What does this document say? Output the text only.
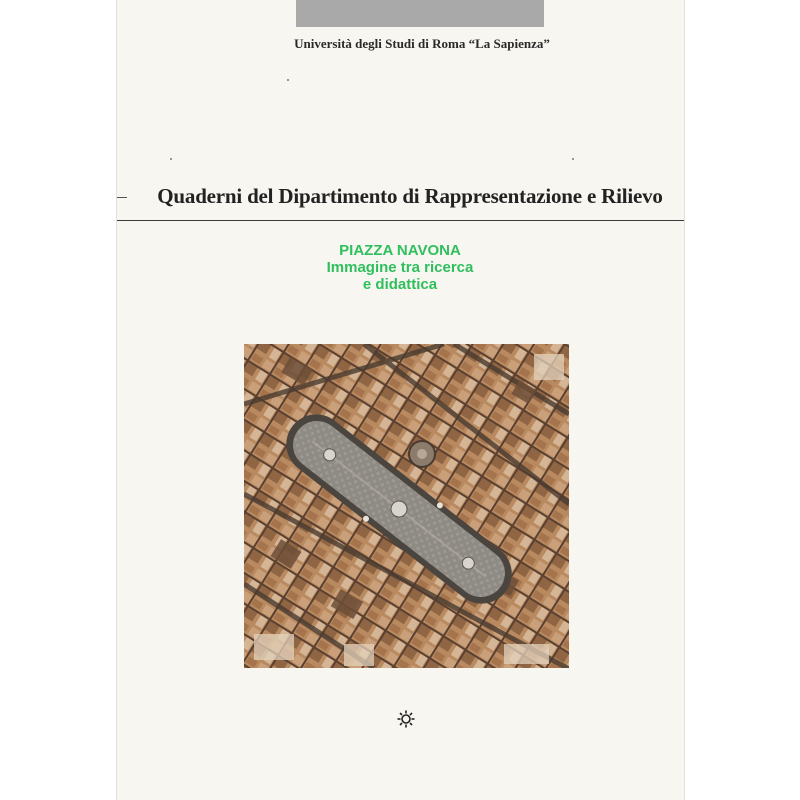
Università degli Studi di Roma “La Sapienza”
Quaderni del Dipartimento di Rappresentazione e Rilievo
PIAZZA NAVONA
Immagine tra ricerca
e didattica
